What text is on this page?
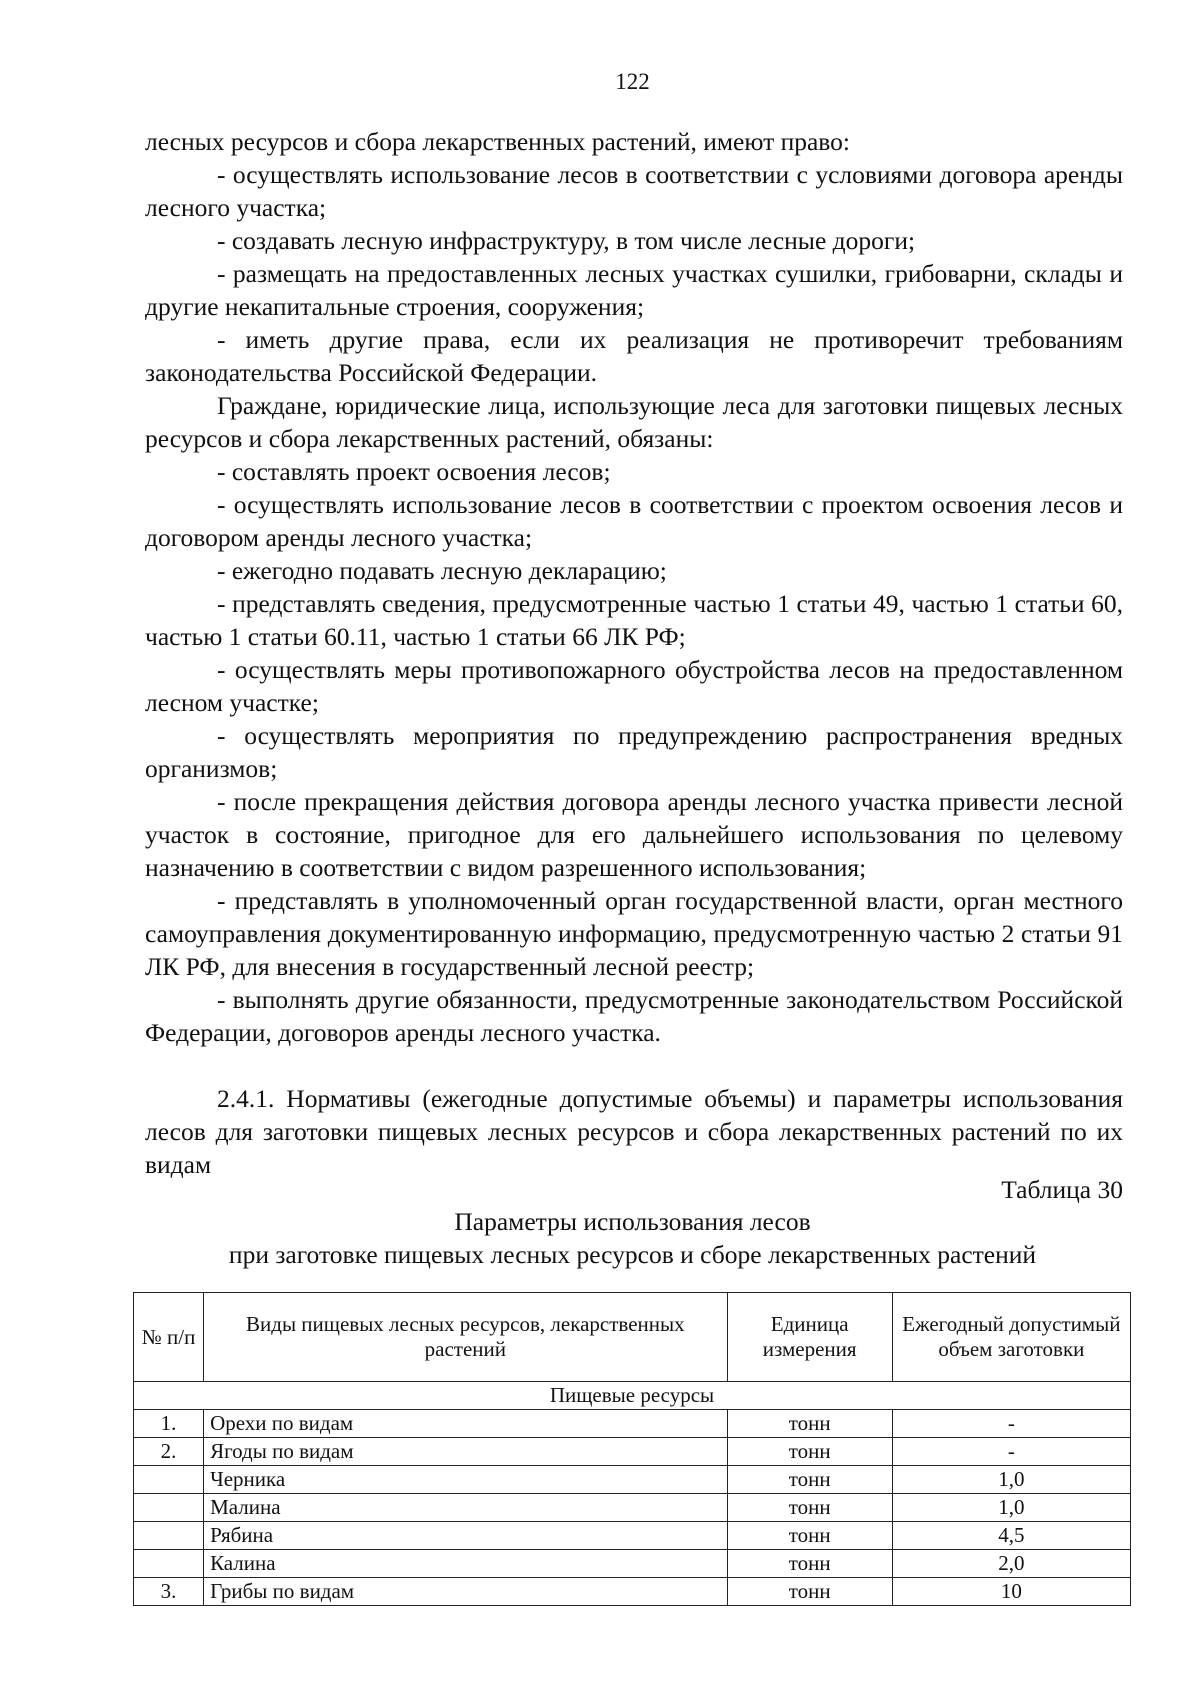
122

лесных ресурсов и сбора лекарственных растений, имеют право:

- осуществлять использование лесов в соответствии с условиями договора аренды лесного участка;

- создавать лесную инфраструктуру, в том числе лесные дороги;

- размещать на предоставленных лесных участках сушилки, грибоварни, склады и другие некапитальные строения, сооружения;

- иметь другие права, если их реализация не противоречит требованиям законодательства Российской Федерации.

Граждане, юридические лица, использующие леса для заготовки пищевых лесных ресурсов и сбора лекарственных растений, обязаны:

- составлять проект освоения лесов;

- осуществлять использование лесов в соответствии с проектом освоения лесов и договором аренды лесного участка;

- ежегодно подавать лесную декларацию;

- представлять сведения, предусмотренные частью 1 статьи 49, частью 1 статьи 60, частью 1 статьи 60.11, частью 1 статьи 66 ЛК РФ;

- осуществлять меры противопожарного обустройства лесов на предоставленном лесном участке;

- осуществлять мероприятия по предупреждению распространения вредных организмов;

- после прекращения действия договора аренды лесного участка привести лесной участок в состояние, пригодное для его дальнейшего использования по целевому назначению в соответствии с видом разрешенного использования;

- представлять в уполномоченный орган государственной власти, орган местного самоуправления документированную информацию, предусмотренную частью 2 статьи 91 ЛК РФ, для внесения в государственный лесной реестр;

- выполнять другие обязанности, предусмотренные законодательством Российской Федерации, договоров аренды лесного участка.

2.4.1. Нормативы (ежегодные допустимые объемы) и параметры использования лесов для заготовки пищевых лесных ресурсов и сбора лекарственных растений по их видам

Таблица 30
Параметры использования лесов
при заготовке пищевых лесных ресурсов и сборе лекарственных растений
№ п/п	Виды пищевых лесных ресурсов, лекарственных растений	Единица измерения	Ежегодный допустимый объем заготовки
Пищевые ресурсы			
1.	Орехи по видам	тонн	-
2.	Ягоды по видам	тонн	-
	Черника	тонн	1,0
	Малина	тонн	1,0
	Рябина	тонн	4,5
	Калина	тонн	2,0
3.	Грибы по видам	тонн	10
